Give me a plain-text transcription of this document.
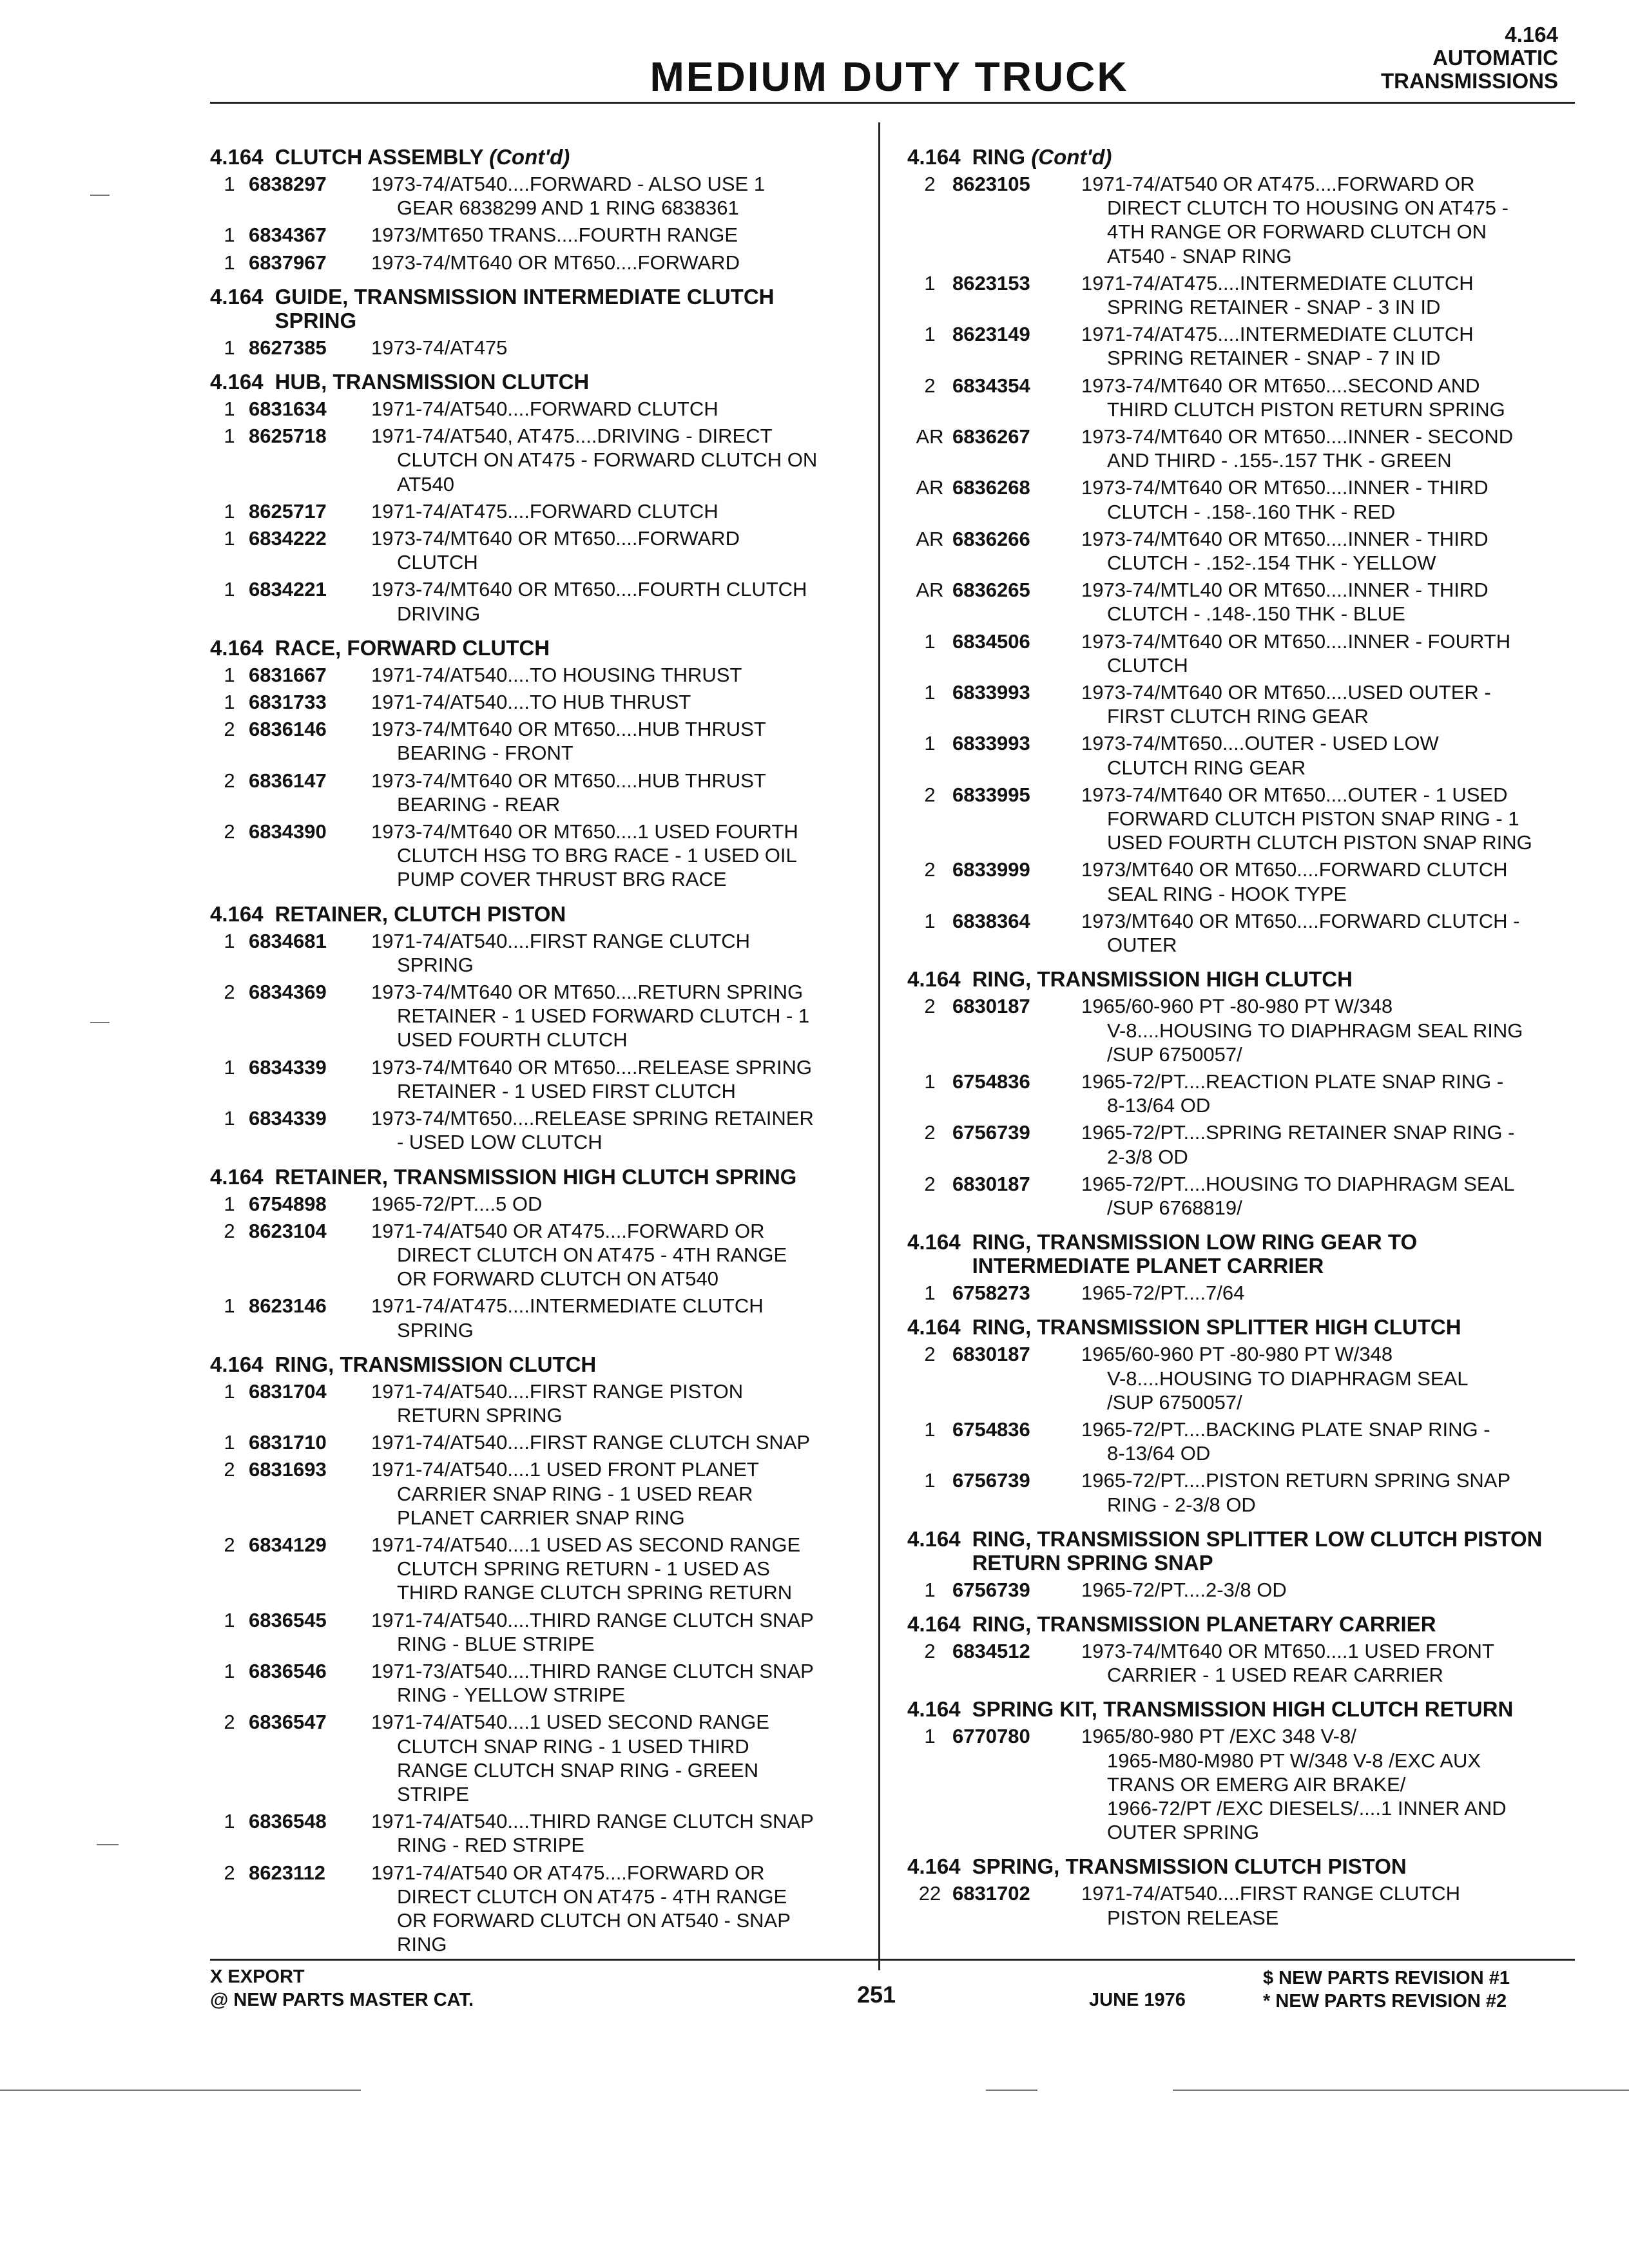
MEDIUM DUTY TRUCK
4.164
AUTOMATIC
TRANSMISSIONS
4.164 CLUTCH ASSEMBLY (Cont'd)
1 6838297	1973-74/AT540....FORWARD - ALSO USE 1
GEAR 6838299 AND 1 RING 6838361
1 6834367	1973/MT650 TRANS....FOURTH RANGE
1 6837967	1973-74/MT640 OR MT650....FORWARD
4.164 GUIDE, TRANSMISSION INTERMEDIATE CLUTCH SPRING
1 8627385	1973-74/AT475
4.164 HUB, TRANSMISSION CLUTCH
1 6831634	1971-74/AT540....FORWARD CLUTCH
1 8625718	1971-74/AT540, AT475....DRIVING - DIRECT
CLUTCH ON AT475 - FORWARD CLUTCH ON
AT540
1 8625717	1971-74/AT475....FORWARD CLUTCH
1 6834222	1973-74/MT640 OR MT650....FORWARD
CLUTCH
1 6834221	1973-74/MT640 OR MT650....FOURTH CLUTCH
DRIVING
4.164 RACE, FORWARD CLUTCH
1 6831667	1971-74/AT540....TO HOUSING THRUST
1 6831733	1971-74/AT540....TO HUB THRUST
2 6836146	1973-74/MT640 OR MT650....HUB THRUST
BEARING - FRONT
2 6836147	1973-74/MT640 OR MT650....HUB THRUST
BEARING - REAR
2 6834390	1973-74/MT640 OR MT650....1 USED FOURTH
CLUTCH HSG TO BRG RACE - 1 USED OIL
PUMP COVER THRUST BRG RACE
4.164 RETAINER, CLUTCH PISTON
1 6834681	1971-74/AT540....FIRST RANGE CLUTCH
SPRING
2 6834369	1973-74/MT640 OR MT650....RETURN SPRING
RETAINER - 1 USED FORWARD CLUTCH - 1
USED FOURTH CLUTCH
1 6834339	1973-74/MT640 OR MT650....RELEASE SPRING
RETAINER - 1 USED FIRST CLUTCH
1 6834339	1973-74/MT650....RELEASE SPRING RETAINER
- USED LOW CLUTCH
4.164 RETAINER, TRANSMISSION HIGH CLUTCH SPRING
1 6754898	1965-72/PT....5 OD
2 8623104	1971-74/AT540 OR AT475....FORWARD OR
DIRECT CLUTCH ON AT475 - 4TH RANGE
OR FORWARD CLUTCH ON AT540
1 8623146	1971-74/AT475....INTERMEDIATE CLUTCH
SPRING
4.164 RING, TRANSMISSION CLUTCH
1 6831704	1971-74/AT540....FIRST RANGE PISTON
RETURN SPRING
1 6831710	1971-74/AT540....FIRST RANGE CLUTCH SNAP
2 6831693	1971-74/AT540....1 USED FRONT PLANET
CARRIER SNAP RING - 1 USED REAR
PLANET CARRIER SNAP RING
2 6834129	1971-74/AT540....1 USED AS SECOND RANGE
CLUTCH SPRING RETURN - 1 USED AS
THIRD RANGE CLUTCH SPRING RETURN
1 6836545	1971-74/AT540....THIRD RANGE CLUTCH SNAP
RING - BLUE STRIPE
1 6836546	1971-73/AT540....THIRD RANGE CLUTCH SNAP
RING - YELLOW STRIPE
2 6836547	1971-74/AT540....1 USED SECOND RANGE
CLUTCH SNAP RING - 1 USED THIRD
RANGE CLUTCH SNAP RING - GREEN
STRIPE
1 6836548	1971-74/AT540....THIRD RANGE CLUTCH SNAP
RING - RED STRIPE
2 8623112	1971-74/AT540 OR AT475....FORWARD OR
DIRECT CLUTCH ON AT475 - 4TH RANGE
OR FORWARD CLUTCH ON AT540 - SNAP
RING
4.164 RING (Cont'd)
2 8623105	1971-74/AT540 OR AT475....FORWARD OR
DIRECT CLUTCH TO HOUSING ON AT475 -
4TH RANGE OR FORWARD CLUTCH ON
AT540 - SNAP RING
1 8623153	1971-74/AT475....INTERMEDIATE CLUTCH
SPRING RETAINER - SNAP - 3 IN ID
1 8623149	1971-74/AT475....INTERMEDIATE CLUTCH
SPRING RETAINER - SNAP - 7 IN ID
2 6834354	1973-74/MT640 OR MT650....SECOND AND
THIRD CLUTCH PISTON RETURN SPRING
AR 6836267	1973-74/MT640 OR MT650....INNER - SECOND
AND THIRD - .155-.157 THK - GREEN
AR 6836268	1973-74/MT640 OR MT650....INNER - THIRD
CLUTCH - .158-.160 THK - RED
AR 6836266	1973-74/MT640 OR MT650....INNER - THIRD
CLUTCH - .152-.154 THK - YELLOW
AR 6836265	1973-74/MTL40 OR MT650....INNER - THIRD
CLUTCH - .148-.150 THK - BLUE
1 6834506	1973-74/MT640 OR MT650....INNER - FOURTH
CLUTCH
1 6833993	1973-74/MT640 OR MT650....USED OUTER -
FIRST CLUTCH RING GEAR
1 6833993	1973-74/MT650....OUTER - USED LOW
CLUTCH RING GEAR
2 6833995	1973-74/MT640 OR MT650....OUTER - 1 USED
FORWARD CLUTCH PISTON SNAP RING - 1
USED FOURTH CLUTCH PISTON SNAP RING
2 6833999	1973/MT640 OR MT650....FORWARD CLUTCH
SEAL RING - HOOK TYPE
1 6838364	1973/MT640 OR MT650....FORWARD CLUTCH -
OUTER
4.164 RING, TRANSMISSION HIGH CLUTCH
2 6830187	1965/60-960 PT -80-980 PT W/348
V-8....HOUSING TO DIAPHRAGM SEAL RING
/SUP 6750057/
1 6754836	1965-72/PT....REACTION PLATE SNAP RING -
8-13/64 OD
2 6756739	1965-72/PT....SPRING RETAINER SNAP RING -
2-3/8 OD
2 6830187	1965-72/PT....HOUSING TO DIAPHRAGM SEAL
/SUP 6768819/
4.164 RING, TRANSMISSION LOW RING GEAR TO INTERMEDIATE PLANET CARRIER
1 6758273	1965-72/PT....7/64
4.164 RING, TRANSMISSION SPLITTER HIGH CLUTCH
2 6830187	1965/60-960 PT -80-980 PT W/348
V-8....HOUSING TO DIAPHRAGM SEAL
/SUP 6750057/
1 6754836	1965-72/PT....BACKING PLATE SNAP RING -
8-13/64 OD
1 6756739	1965-72/PT....PISTON RETURN SPRING SNAP
RING - 2-3/8 OD
4.164 RING, TRANSMISSION SPLITTER LOW CLUTCH PISTON RETURN SPRING SNAP
1 6756739	1965-72/PT....2-3/8 OD
4.164 RING, TRANSMISSION PLANETARY CARRIER
2 6834512	1973-74/MT640 OR MT650....1 USED FRONT
CARRIER - 1 USED REAR CARRIER
4.164 SPRING KIT, TRANSMISSION HIGH CLUTCH RETURN
1 6770780	1965/80-980 PT /EXC 348 V-8/
1965-M80-M980 PT W/348 V-8 /EXC AUX
TRANS OR EMERG AIR BRAKE/
1966-72/PT /EXC DIESELS/....1 INNER AND
OUTER SPRING
4.164 SPRING, TRANSMISSION CLUTCH PISTON
22 6831702	1971-74/AT540....FIRST RANGE CLUTCH
PISTON RELEASE
X EXPORT
@ NEW PARTS MASTER CAT.	251	JUNE 1976
$ NEW PARTS REVISION #1
* NEW PARTS REVISION #2
